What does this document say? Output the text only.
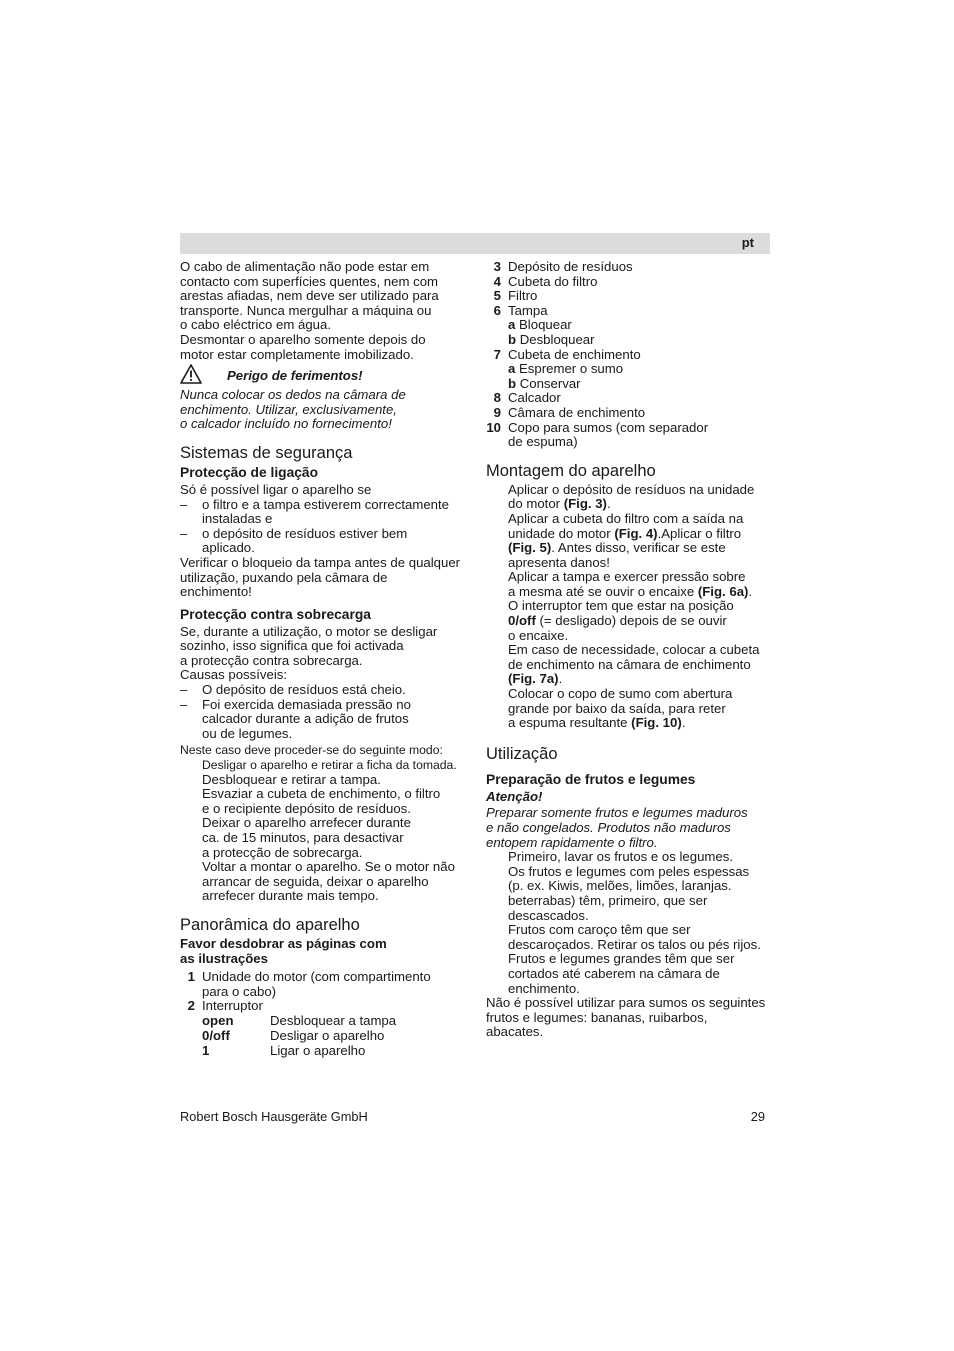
pt

O cabo de alimentação não pode estar em
contacto com superfícies quentes, nem com
arestas afiadas, nem deve ser utilizado para
transporte. Nunca mergulhar a máquina ou
o cabo eléctrico em água.

Desmontar o aparelho somente depois do
motor estar completamente imobilizado.

Perigo de ferimentos!

Nunca colocar os dedos na câmara de
enchimento. Utilizar, exclusivamente,
o calcador incluído no fornecimento!

Sistemas de segurança
Protecção de ligação

Só é possível ligar o aparelho se

– o filtro e a tampa estiverem correctamente
instaladas e

– o depósito de resíduos estiver bem
aplicado.

Verificar o bloqueio da tampa antes de qualquer
utilização, puxando pela câmara de
enchimento!

Protecção contra sobrecarga

Se, durante a utilização, o motor se desligar
sozinho, isso significa que foi activada
a protecção contra sobrecarga.
Causas possíveis:

– O depósito de resíduos está cheio.

– Foi exercida demasiada pressão no
calcador durante a adição de frutos
ou de legumes.

Neste caso deve proceder-se do seguinte modo:

Desligar o aparelho e retirar a ficha da tomada.

Desbloquear e retirar a tampa.

Esvaziar a cubeta de enchimento, o filtro
e o recipiente depósito de resíduos.

Deixar o aparelho arrefecer durante
ca. de 15 minutos, para desactivar
a protecção de sobrecarga.

Voltar a montar o aparelho. Se o motor não
arrancar de seguida, deixar o aparelho
arrefecer durante mais tempo.

Panorâmica do aparelho

Favor desdobrar as páginas com
as ilustrações

1 Unidade do motor (com compartimento
para o cabo)

2 Interruptor

open	Desbloquear a tampa
0/off	Desligar o aparelho
1	Ligar o aparelho

3 Depósito de resíduos

4 Cubeta do filtro

5 Filtro

6 Tampa

a Bloquear

b Desbloquear

7 Cubeta de enchimento

a Espremer o sumo

b Conservar

8 Calcador

9 Câmara de enchimento

10 Copo para sumos (com separador
de espuma)

Montagem do aparelho

Aplicar o depósito de resíduos na unidade
do motor (Fig. 3).

Aplicar a cubeta do filtro com a saída na
unidade do motor (Fig. 4).Aplicar o filtro
(Fig. 5). Antes disso, verificar se este
apresenta danos!

Aplicar a tampa e exercer pressão sobre
a mesma até se ouvir o encaixe (Fig. 6a).

O interruptor tem que estar na posição
0/off (= desligado) depois de se ouvir
o encaixe.

Em caso de necessidade, colocar a cubeta
de enchimento na câmara de enchimento
(Fig. 7a).

Colocar o copo de sumo com abertura
grande por baixo da saída, para reter
a espuma resultante (Fig. 10).

Utilização
Preparação de frutos e legumes

Atenção!

Preparar somente frutos e legumes maduros
e não congelados. Produtos não maduros
entopem rapidamente o filtro.

Primeiro, lavar os frutos e os legumes.

Os frutos e legumes com peles espessas
(p. ex. Kiwis, melões, limões, laranjas.
beterrabas) têm, primeiro, que ser
descascados.

Frutos com caroço têm que ser
descaroçados. Retirar os talos ou pés rijos.

Frutos e legumes grandes têm que ser
cortados até caberem na câmara de
enchimento.

Não é possível utilizar para sumos os seguintes
frutos e legumes: bananas, ruibarbos,
abacates.

Robert Bosch Hausgeräte GmbH	29
